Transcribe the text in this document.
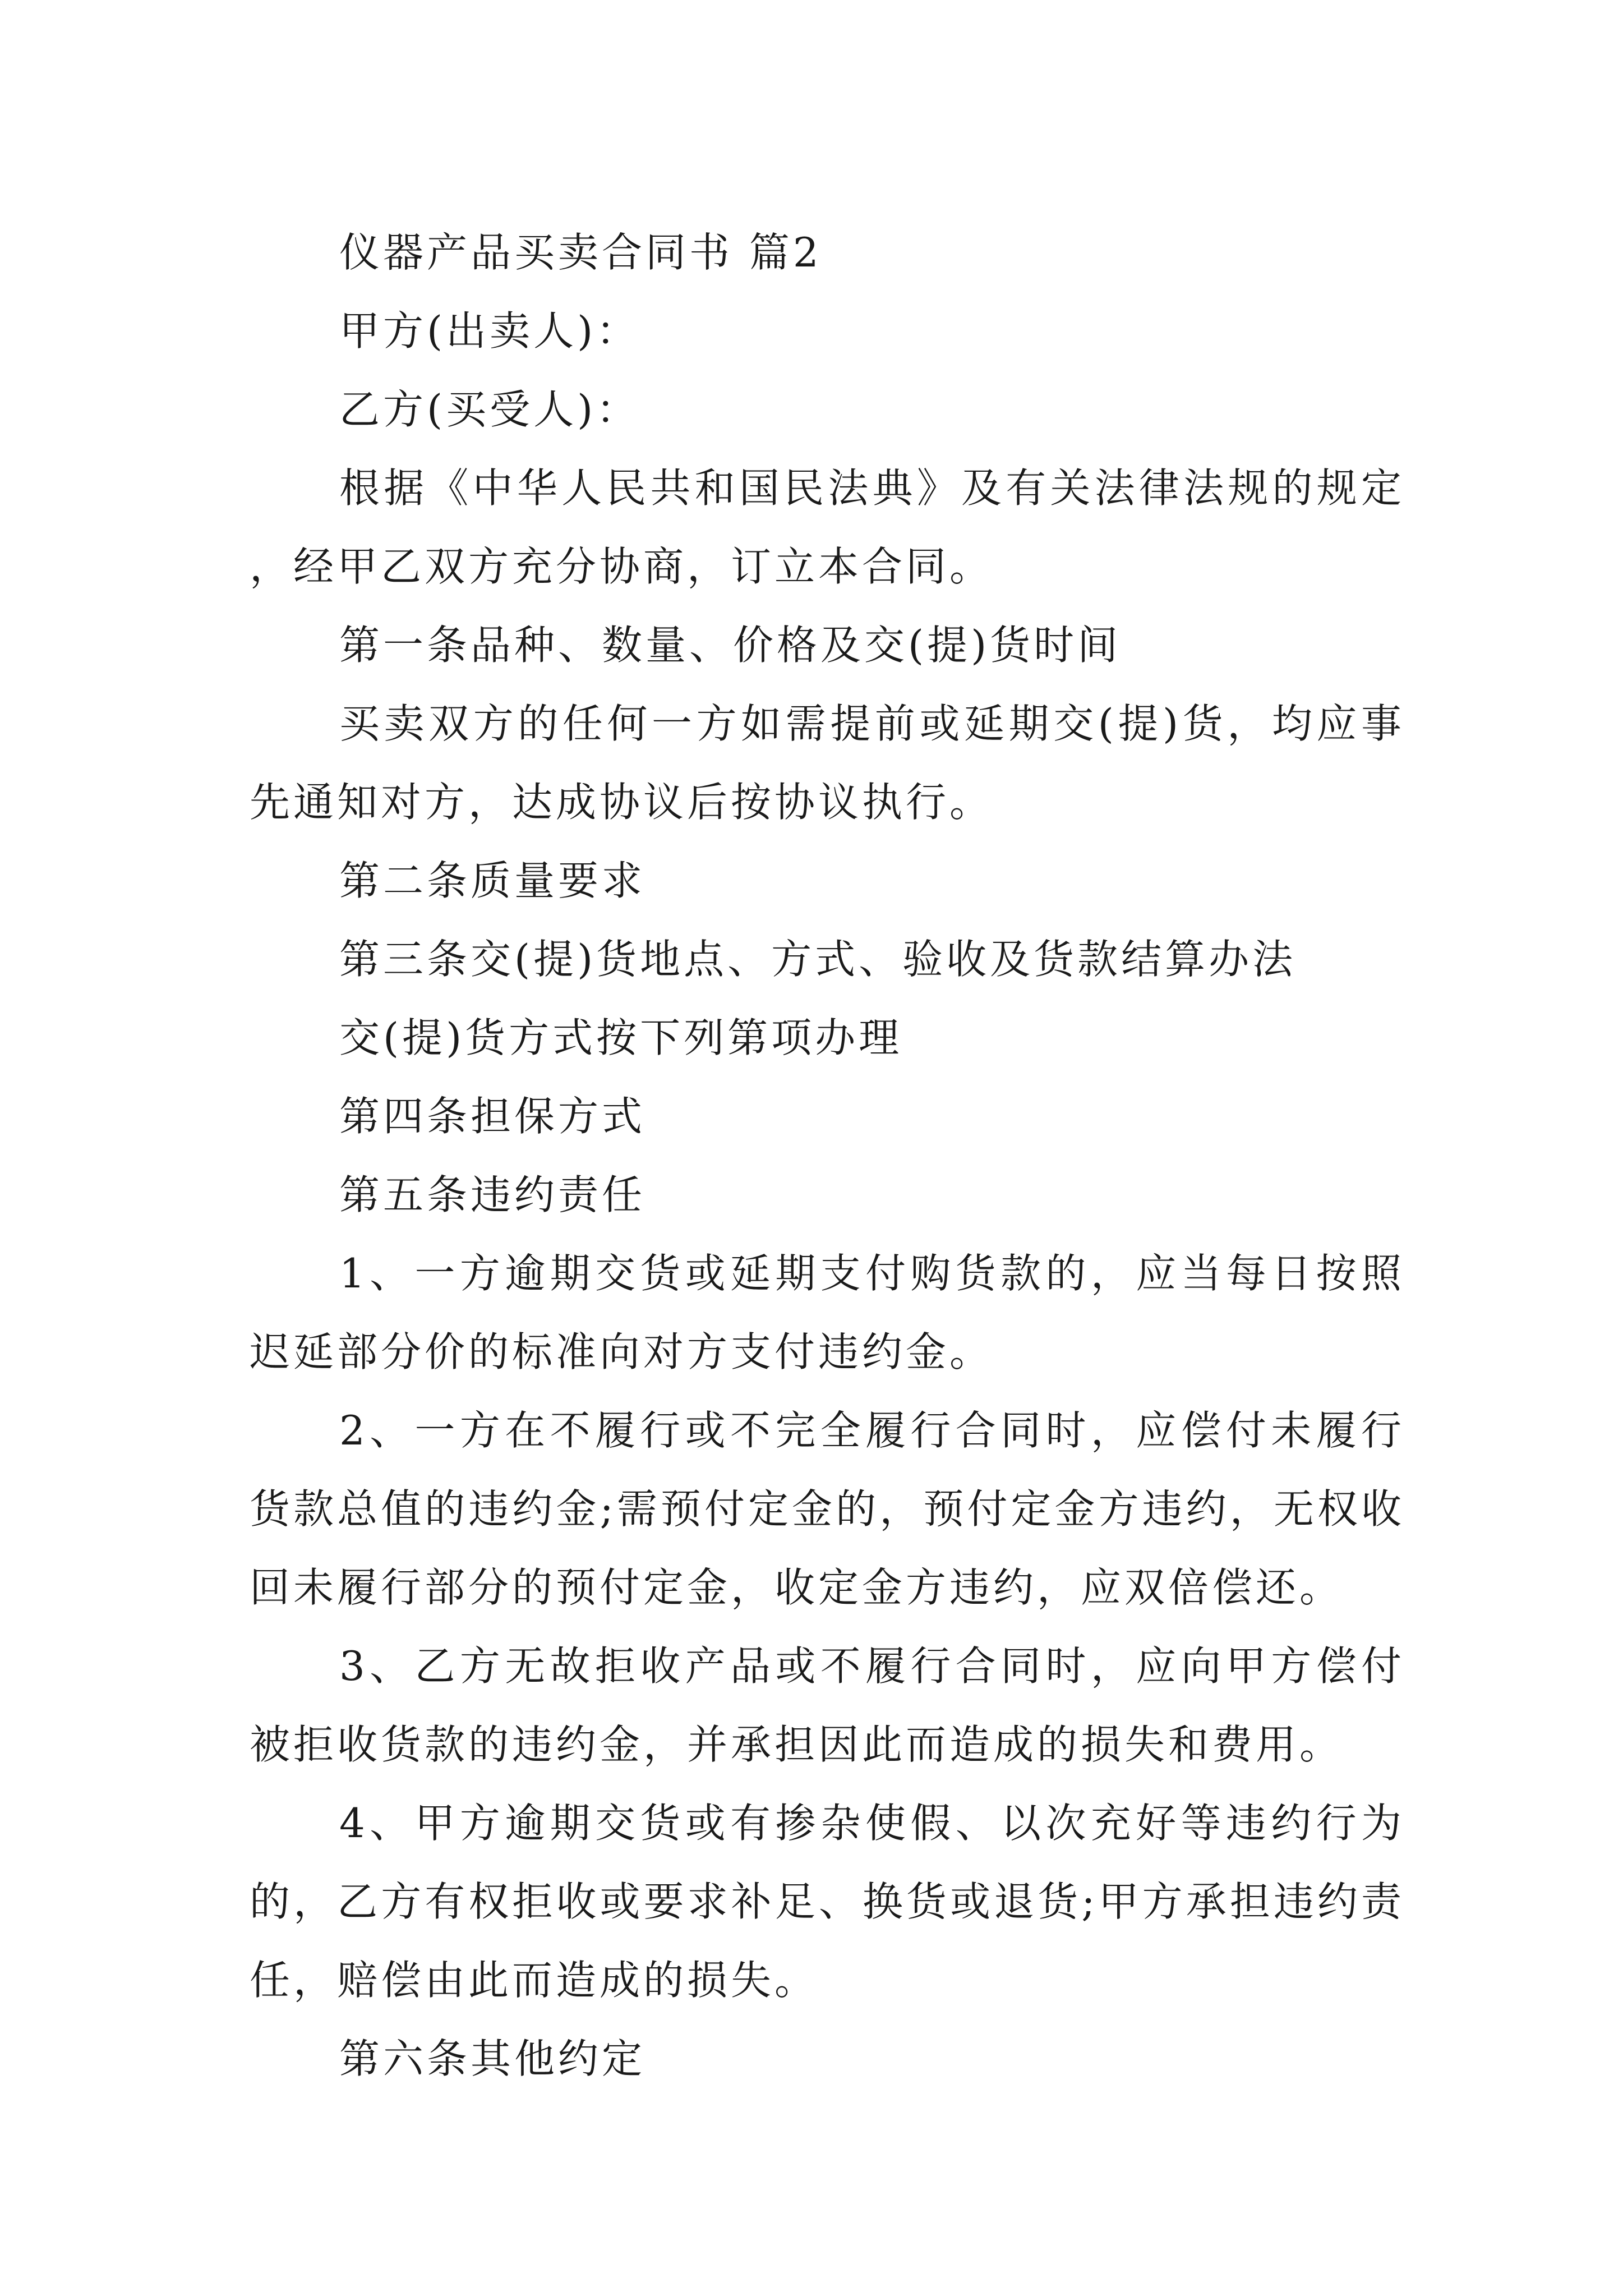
仪器产品买卖合同书 篇2

甲方(出卖人)：

乙方(买受人)：

根据《中华人民共和国民法典》及有关法律法规的规定，经甲乙双方充分协商，订立本合同。

第一条品种、数量、价格及交(提)货时间

买卖双方的任何一方如需提前或延期交(提)货，均应事先通知对方，达成协议后按协议执行。

第二条质量要求

第三条交(提)货地点、方式、验收及货款结算办法

交(提)货方式按下列第项办理

第四条担保方式

第五条违约责任

1、一方逾期交货或延期支付购货款的，应当每日按照迟延部分价的标准向对方支付违约金。

2、一方在不履行或不完全履行合同时，应偿付未履行货款总值的违约金;需预付定金的，预付定金方违约，无权收回未履行部分的预付定金，收定金方违约，应双倍偿还。

3、乙方无故拒收产品或不履行合同时，应向甲方偿付被拒收货款的违约金，并承担因此而造成的损失和费用。

4、甲方逾期交货或有掺杂使假、以次充好等违约行为的，乙方有权拒收或要求补足、换货或退货;甲方承担违约责任，赔偿由此而造成的损失。

第六条其他约定
